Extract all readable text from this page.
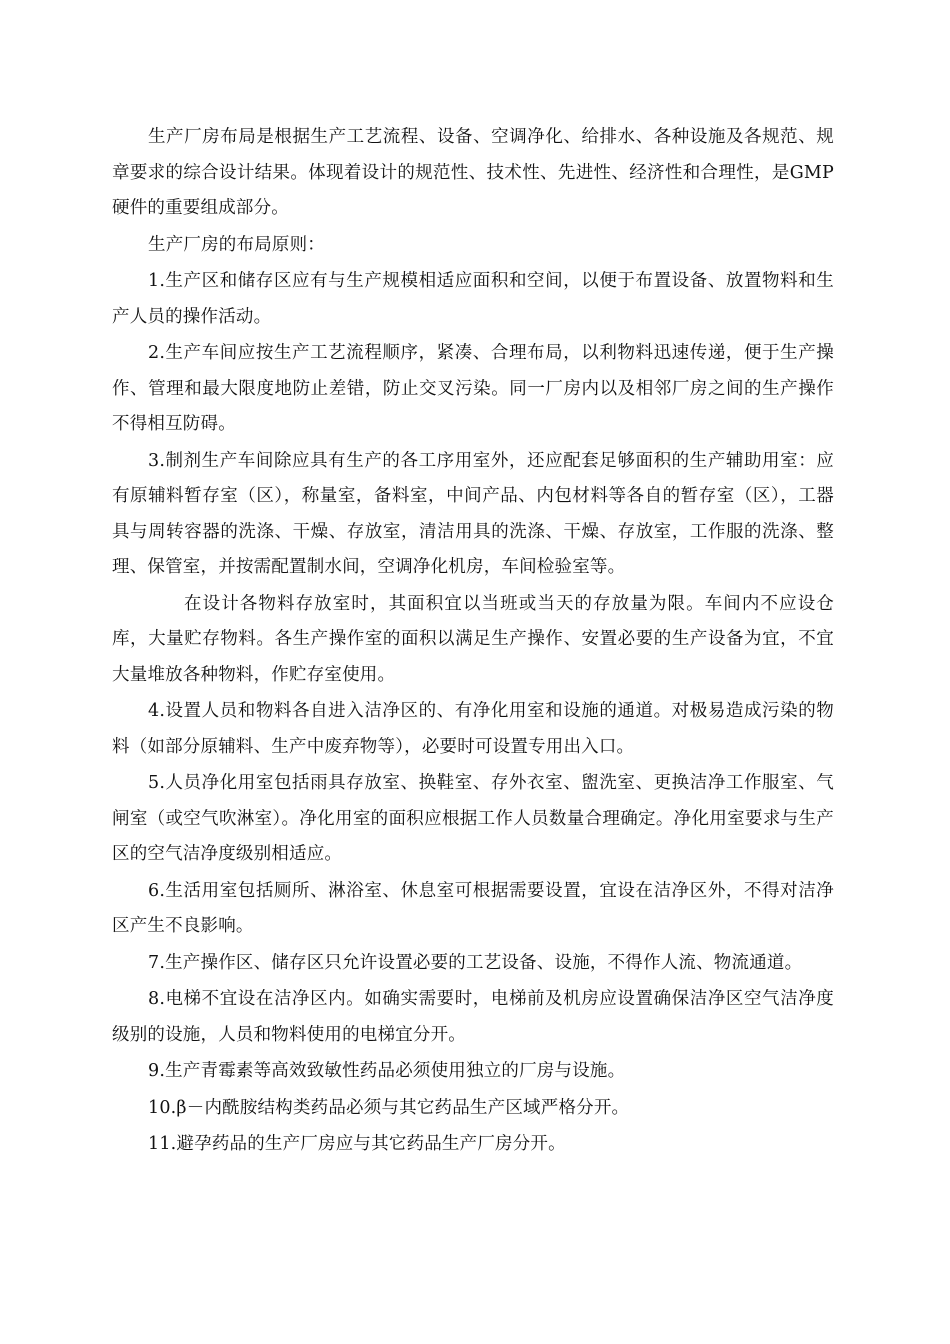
生产厂房布局是根据生产工艺流程、设备、空调净化、给排水、各种设施及各规范、规章要求的综合设计结果。体现着设计的规范性、技术性、先进性、经济性和合理性，是GMP硬件的重要组成部分。

生产厂房的布局原则：

1.生产区和储存区应有与生产规模相适应面积和空间，以便于布置设备、放置物料和生产人员的操作活动。

2.生产车间应按生产工艺流程顺序，紧凑、合理布局，以利物料迅速传递，便于生产操作、管理和最大限度地防止差错，防止交叉污染。同一厂房内以及相邻厂房之间的生产操作不得相互防碍。

3.制剂生产车间除应具有生产的各工序用室外，还应配套足够面积的生产辅助用室：应有原辅料暂存室（区），称量室，备料室，中间产品、内包材料等各自的暂存室（区），工器具与周转容器的洗涤、干燥、存放室，清洁用具的洗涤、干燥、存放室，工作服的洗涤、整理、保管室，并按需配置制水间，空调净化机房，车间检验室等。

在设计各物料存放室时，其面积宜以当班或当天的存放量为限。车间内不应设仓库，大量贮存物料。各生产操作室的面积以满足生产操作、安置必要的生产设备为宜，不宜大量堆放各种物料，作贮存室使用。

4.设置人员和物料各自进入洁净区的、有净化用室和设施的通道。对极易造成污染的物料（如部分原辅料、生产中废弃物等），必要时可设置专用出入口。

5.人员净化用室包括雨具存放室、换鞋室、存外衣室、盥洗室、更换洁净工作服室、气闸室（或空气吹淋室）。净化用室的面积应根据工作人员数量合理确定。净化用室要求与生产区的空气洁净度级别相适应。

6.生活用室包括厕所、淋浴室、休息室可根据需要设置，宜设在洁净区外，不得对洁净区产生不良影响。

7.生产操作区、储存区只允许设置必要的工艺设备、设施，不得作人流、物流通道。

8.电梯不宜设在洁净区内。如确实需要时，电梯前及机房应设置确保洁净区空气洁净度级别的设施，人员和物料使用的电梯宜分开。

9.生产青霉素等高效致敏性药品必须使用独立的厂房与设施。

10.β－内酰胺结构类药品必须与其它药品生产区域严格分开。

11.避孕药品的生产厂房应与其它药品生产厂房分开。
